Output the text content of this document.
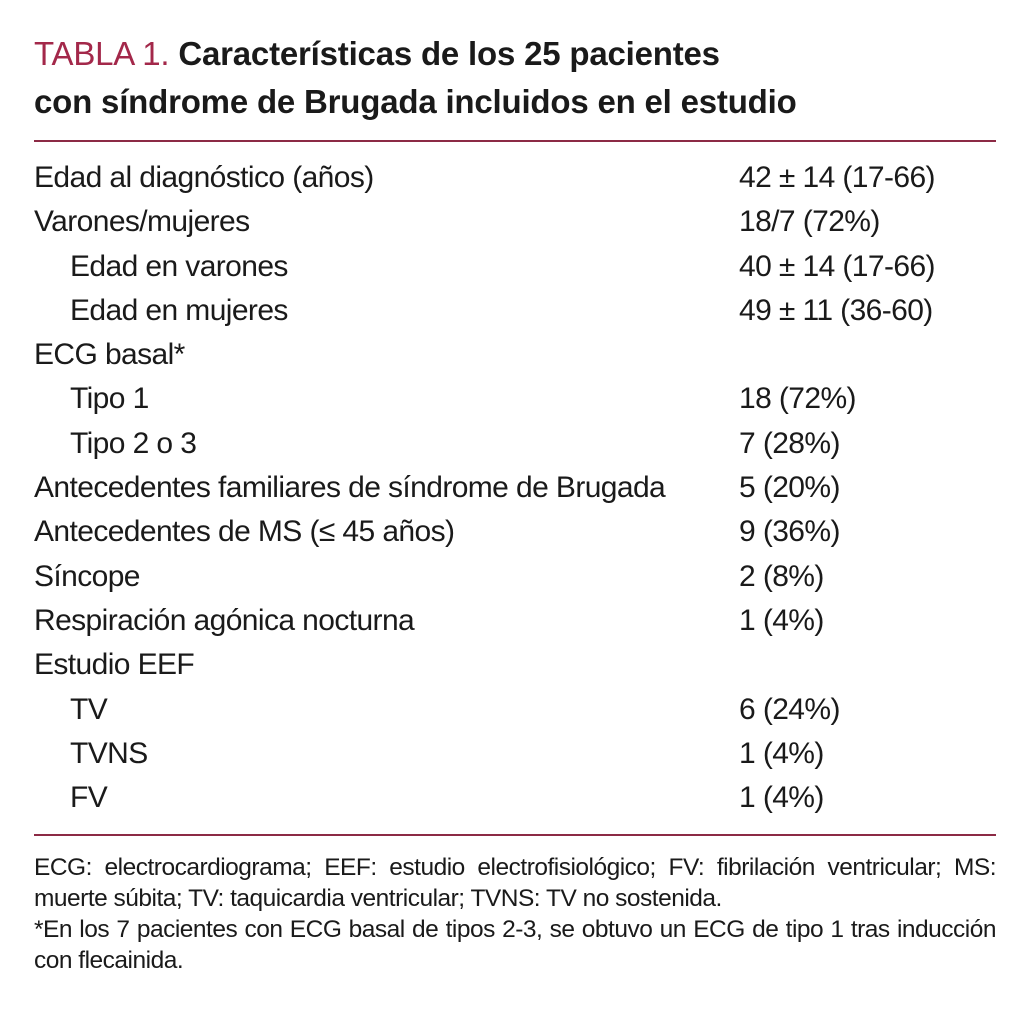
TABLA 1. Características de los 25 pacientes
con síndrome de Brugada incluidos en el estudio

Edad al diagnóstico (años)	42 ± 14 (17-66)
Varones/mujeres	18/7 (72%)
Edad en varones	40 ± 14 (17-66)
Edad en mujeres	49 ± 11 (36-60)
ECG basal*
Tipo 1	18 (72%)
Tipo 2 o 3	7 (28%)
Antecedentes familiares de síndrome de Brugada 5 (20%)
Antecedentes de MS (≤ 45 años)	9 (36%)
Síncope	2 (8%)
Respiración agónica nocturna	1 (4%)
Estudio EEF
TV	6 (24%)
TVNS	1 (4%)
FV	1 (4%)

ECG: electrocardiograma; EEF: estudio electrofisiológico; FV: fibrilación ventricular; MS: muerte súbita; TV: taquicardia ventricular; TVNS: TV no sostenida.

*En los 7 pacientes con ECG basal de tipos 2-3, se obtuvo un ECG de tipo 1 tras inducción con flecainida.
